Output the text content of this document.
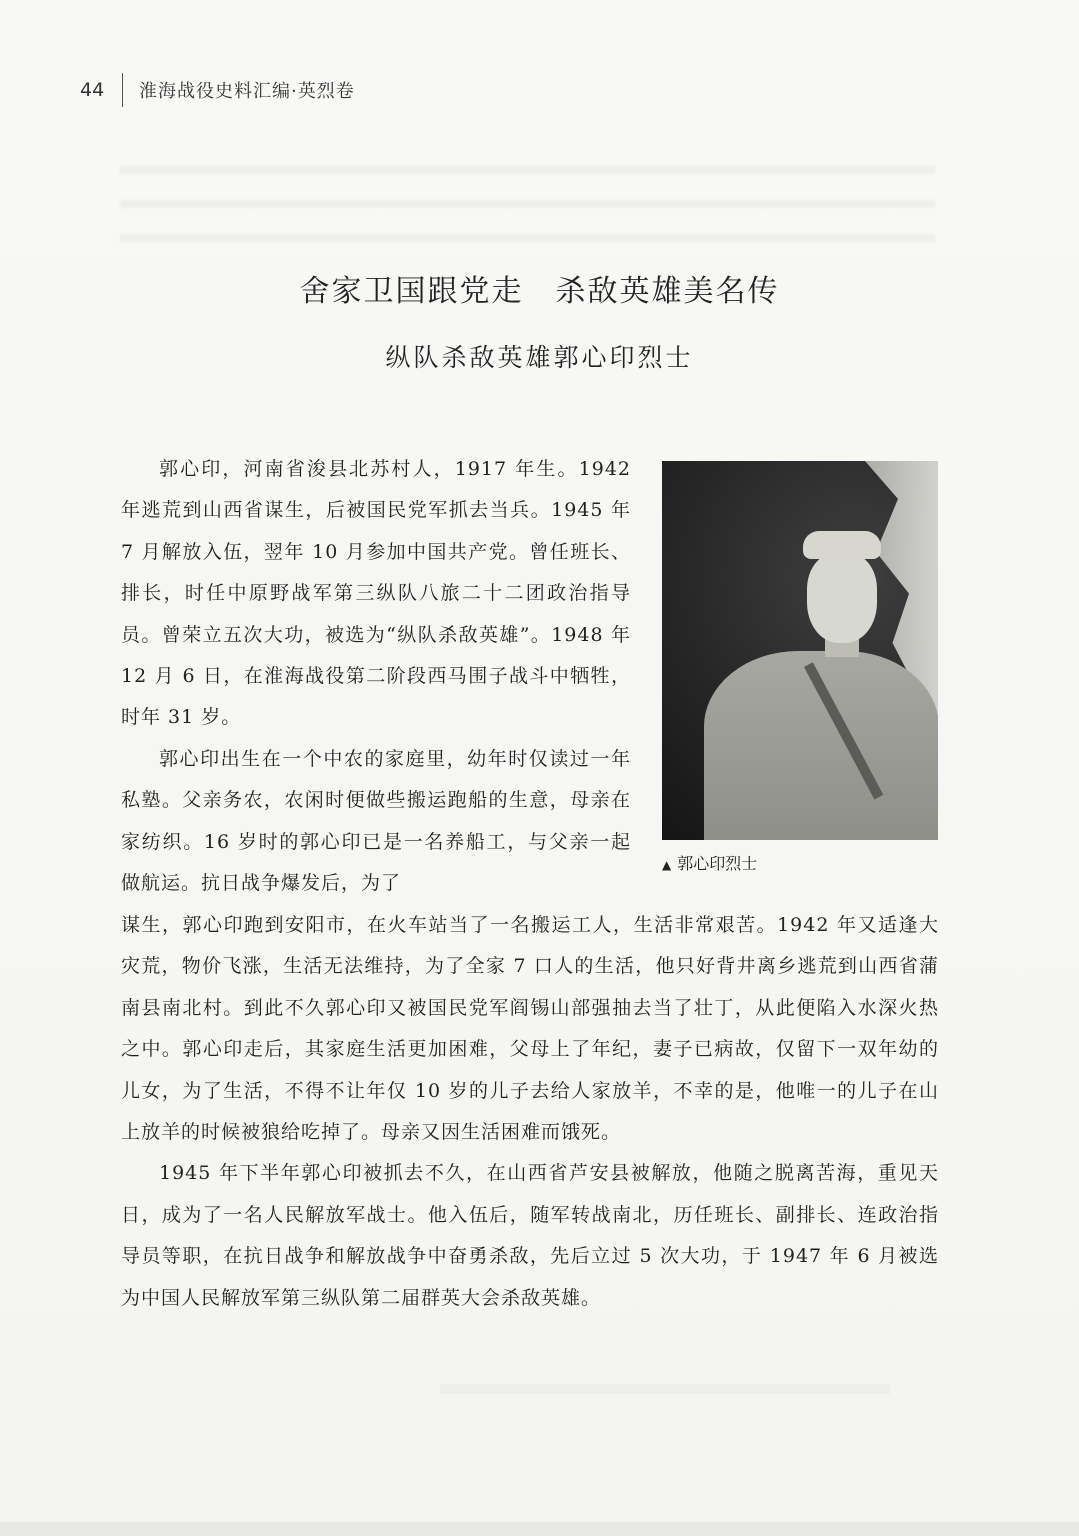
44	淮海战役史料汇编·英烈卷
舍家卫国跟党走　杀敌英雄美名传
纵队杀敌英雄郭心印烈士

郭心印，河南省浚县北苏村人，1917 年生。1942 年逃荒到山西省谋生，后被国民党军抓去当兵。1945 年 7 月解放入伍，翌年 10 月参加中国共产党。曾任班长、排长，时任中原野战军第三纵队八旅二十二团政治指导员。曾荣立五次大功，被选为“纵队杀敌英雄”。1948 年 12 月 6 日，在淮海战役第二阶段西马围子战斗中牺牲，时年 31 岁。

郭心印出生在一个中农的家庭里，幼年时仅读过一年私塾。父亲务农，农闲时便做些搬运跑船的生意，母亲在家纺织。16 岁时的郭心印已是一名养船工，与父亲一起做航运。抗日战争爆发后，为了

▲ 郭心印烈士

谋生，郭心印跑到安阳市，在火车站当了一名搬运工人，生活非常艰苦。1942 年又适逢大灾荒，物价飞涨，生活无法维持，为了全家 7 口人的生活，他只好背井离乡逃荒到山西省蒲南县南北村。到此不久郭心印又被国民党军阎锡山部强抽去当了壮丁，从此便陷入水深火热之中。郭心印走后，其家庭生活更加困难，父母上了年纪，妻子已病故，仅留下一双年幼的儿女，为了生活，不得不让年仅 10 岁的儿子去给人家放羊，不幸的是，他唯一的儿子在山上放羊的时候被狼给吃掉了。母亲又因生活困难而饿死。

1945 年下半年郭心印被抓去不久，在山西省芦安县被解放，他随之脱离苦海，重见天日，成为了一名人民解放军战士。他入伍后，随军转战南北，历任班长、副排长、连政治指导员等职，在抗日战争和解放战争中奋勇杀敌，先后立过 5 次大功，于 1947 年 6 月被选为中国人民解放军第三纵队第二届群英大会杀敌英雄。
